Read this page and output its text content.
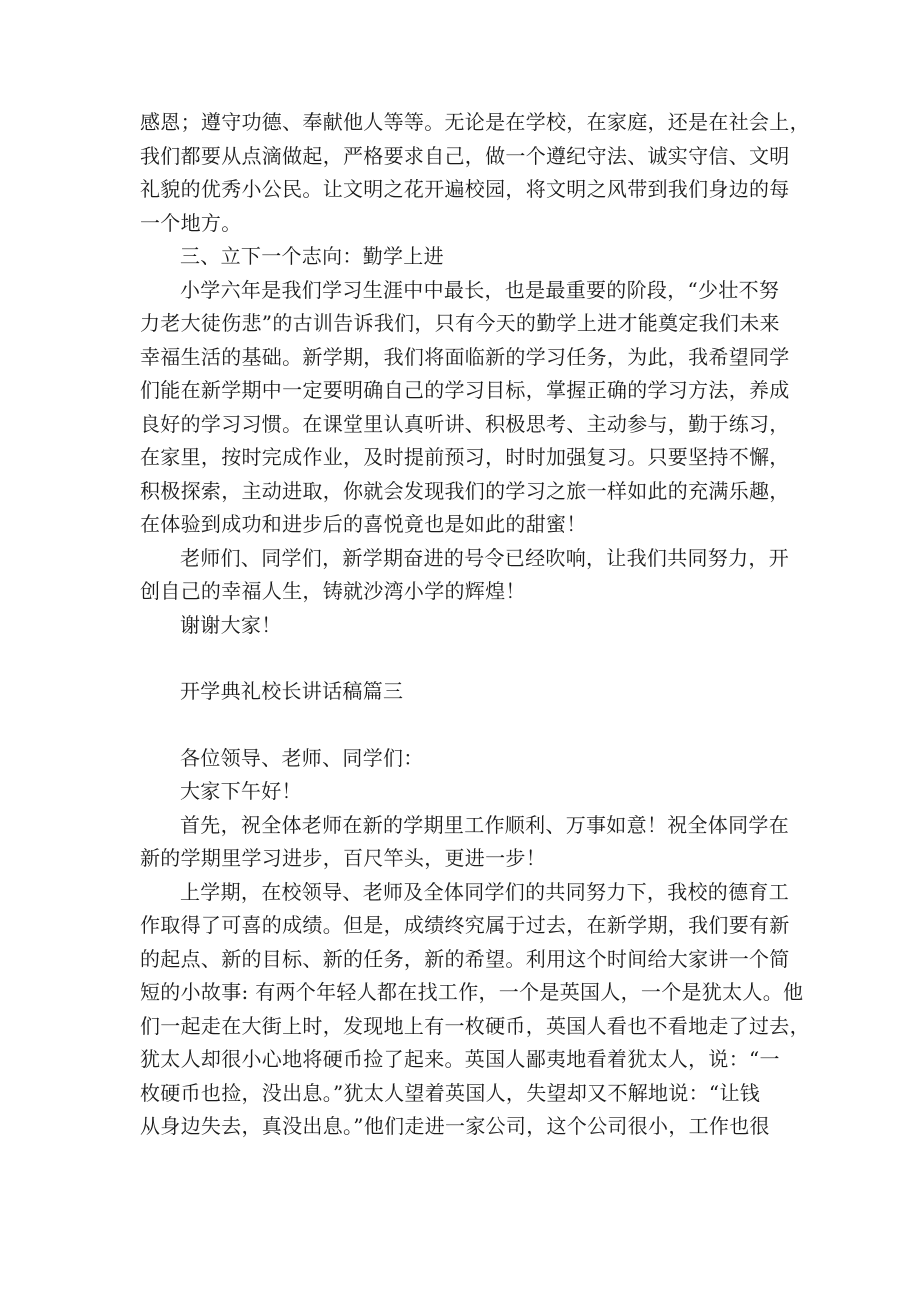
感恩；遵守功德、奉献他人等等。无论是在学校，在家庭，还是在社会上，
我们都要从点滴做起，严格要求自己，做一个遵纪守法、诚实守信、文明
礼貌的优秀小公民。让文明之花开遍校园，将文明之风带到我们身边的每
一个地方。
三、立下一个志向：勤学上进
小学六年是我们学习生涯中中最长，也是最重要的阶段，“少壮不努
力老大徒伤悲”的古训告诉我们，只有今天的勤学上进才能奠定我们未来
幸福生活的基础。新学期，我们将面临新的学习任务，为此，我希望同学
们能在新学期中一定要明确自己的学习目标，掌握正确的学习方法，养成
良好的学习习惯。在课堂里认真听讲、积极思考、主动参与，勤于练习，
在家里，按时完成作业，及时提前预习，时时加强复习。只要坚持不懈，
积极探索，主动进取，你就会发现我们的学习之旅一样如此的充满乐趣，
在体验到成功和进步后的喜悦竟也是如此的甜蜜！
老师们、同学们，新学期奋进的号令已经吹响，让我们共同努力，开
创自己的幸福人生，铸就沙湾小学的辉煌！
谢谢大家！
开学典礼校长讲话稿篇三
各位领导、老师、同学们：
大家下午好！
首先，祝全体老师在新的学期里工作顺利、万事如意！祝全体同学在
新的学期里学习进步，百尺竿头，更进一步！
上学期，在校领导、老师及全体同学们的共同努力下，我校的德育工
作取得了可喜的成绩。但是，成绩终究属于过去，在新学期，我们要有新
的起点、新的目标、新的任务，新的希望。利用这个时间给大家讲一个简
短的小故事: 有两个年轻人都在找工作，一个是英国人，一个是犹太人。他
们一起走在大街上时，发现地上有一枚硬币，英国人看也不看地走了过去，
犹太人却很小心地将硬币捡了起来。英国人鄙夷地看着犹太人，说：“一
枚硬币也捡，没出息。”犹太人望着英国人，失望却又不解地说：“让钱
从身边失去，真没出息。”他们走进一家公司，这个公司很小，工作也很
